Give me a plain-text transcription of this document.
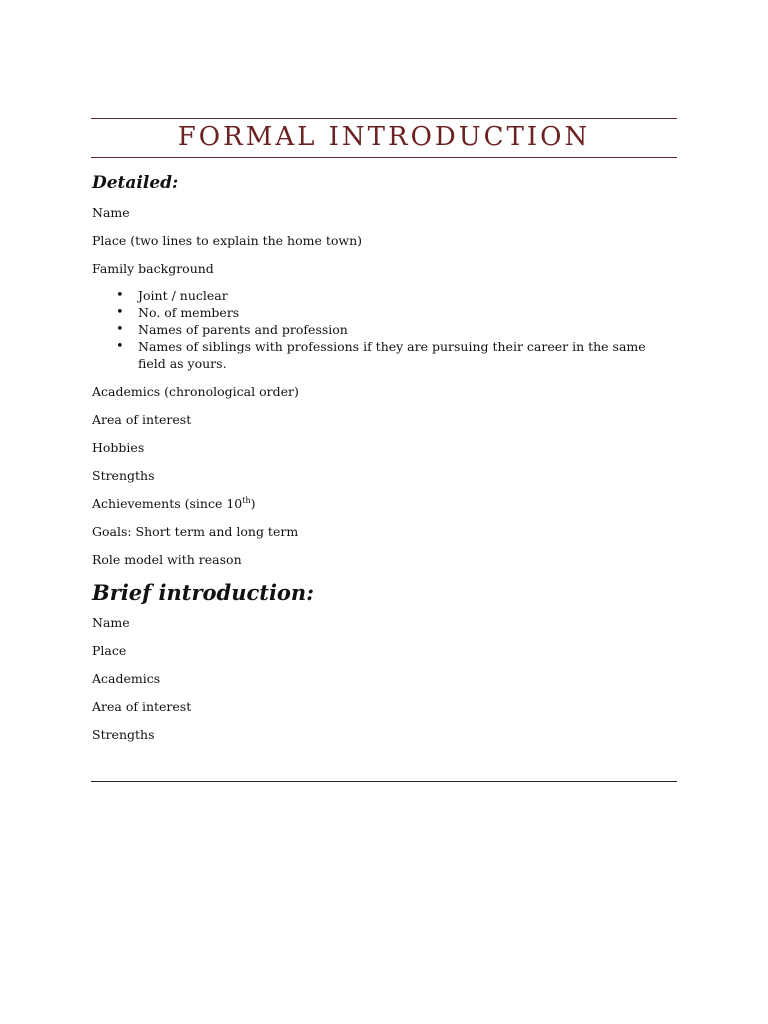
FORMAL INTRODUCTION
Detailed:

Name

Place (two lines to explain the home town)

Family background

• Joint / nuclear
• No. of members
• Names of parents and profession
• Names of siblings with professions if they are pursuing their career in the same field as yours.

Academics (chronological order)

Area of interest

Hobbies

Strengths

Achievements (since 10th)

Goals: Short term and long term

Role model with reason

Brief introduction:

Name

Place

Academics

Area of interest

Strengths
